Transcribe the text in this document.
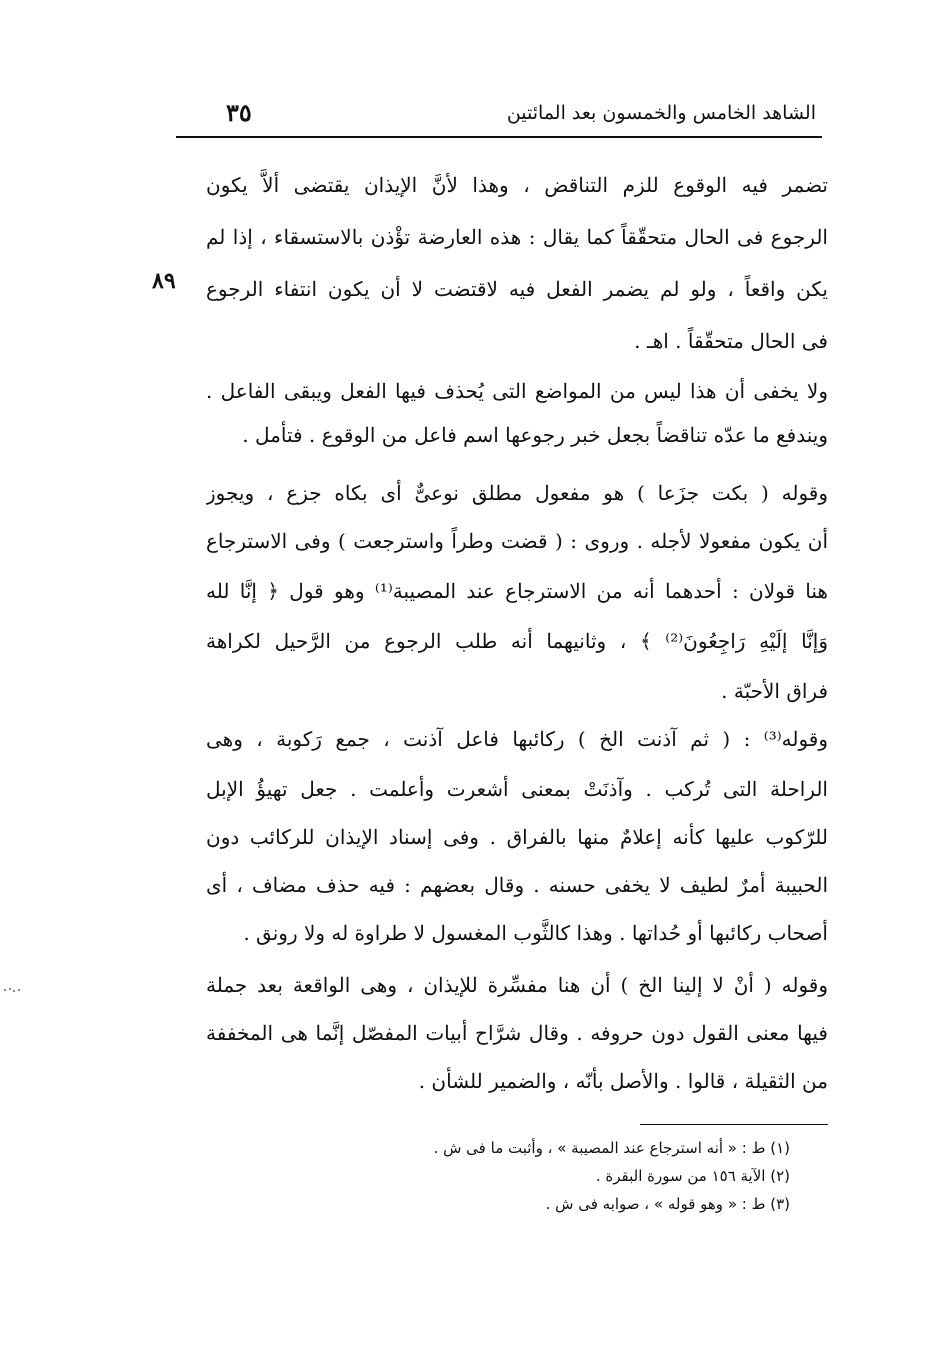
الشاهد الخامس والخمسون بعد المائتين
٣٥
٨٩
تضمر فيه الوقوع للزم التناقض ، وهذا لأنَّ الإيذان يقتضى ألاَّ يكون
الرجوع فى الحال متحقّقاً كما يقال : هذه العارضة تؤْذن بالاستسقاء ، إذا لم
يكن واقعاً ، ولو لم يضمر الفعل فيه لاقتضت لا أن يكون انتفاء الرجوع
فى الحال متحقّقاً . اهـ .
ولا يخفى أن هذا ليس من المواضع التى يُحذف فيها الفعل ويبقى الفاعل .
ويندفع ما عدّه تناقضاً بجعل خبر رجوعها اسم فاعل من الوقوع . فتأمل .
وقوله ( بكت جزَعا ) هو مفعول مطلق نوعىٌّ أى بكاه جزع ، ويجوز
أن يكون مفعولا لأجله . وروى : ( قضت وطراً واسترجعت ) وفى الاسترجاع
هنا قولان : أحدهما أنه من الاسترجاع عند المصيبة⁽¹⁾ وهو قول ﴿ إنَّا لله
وَإنَّا إلَيْهِ رَاجِعُونَ⁽²⁾ ﴾ ، وثانيهما أنه طلب الرجوع من الرَّحيل لكراهة
فراق الأحبّة .
وقوله⁽³⁾ : ( ثم آذنت الخ ) ركائبها فاعل آذنت ، جمع رَكوبة ، وهى
الراحلة التى تُركب . وآذنَتْ بمعنى أشعرت وأعلمت . جعل تهيؤُ الإبل
للرّكوب عليها كأنه إعلامٌ منها بالفراق . وفى إسناد الإيذان للركائب دون
الحبيبة أمرٌ لطيف لا يخفى حسنه . وقال بعضهم : فيه حذف مضاف ، أى
أصحاب ركائبها أو حُداتها . وهذا كالثَّوب المغسول لا طراوة له ولا رونق .
وقوله ( أنْ لا إلينا الخ ) أن هنا مفسِّرة للإيذان ، وهى الواقعة بعد جملة
فيها معنى القول دون حروفه . وقال شرَّاح أبيات المفصّل إنَّما هى المخففة
من الثقيلة ، قالوا . والأصل بأنّه ، والضمير للشأن .
(١) ط : « أنه استرجاع عند المصيبة » ، وأثبت ما فى ش .
(٢) الآية ١٥٦ من سورة البقرة .
(٣) ط : « وهو قوله » ، صوابه فى ش .
